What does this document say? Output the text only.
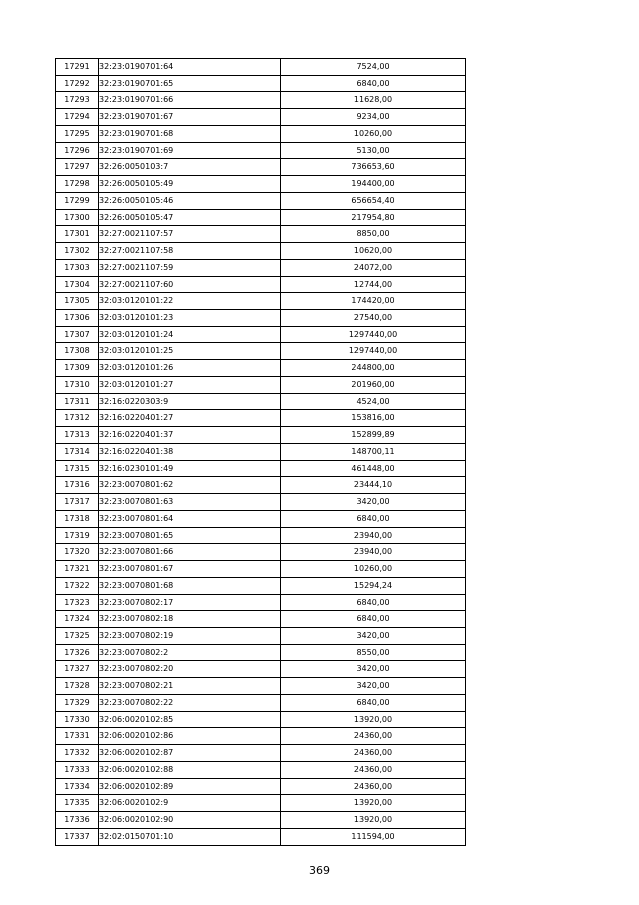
17291	32:23:0190701:64	7524,00
17292	32:23:0190701:65	6840,00
17293	32:23:0190701:66	11628,00
17294	32:23:0190701:67	9234,00
17295	32:23:0190701:68	10260,00
17296	32:23:0190701:69	5130,00
17297	32:26:0050103:7	736653,60
17298	32:26:0050105:49	194400,00
17299	32:26:0050105:46	656654,40
17300	32:26:0050105:47	217954,80
17301	32:27:0021107:57	8850,00
17302	32:27:0021107:58	10620,00
17303	32:27:0021107:59	24072,00
17304	32:27:0021107:60	12744,00
17305	32:03:0120101:22	174420,00
17306	32:03:0120101:23	27540,00
17307	32:03:0120101:24	1297440,00
17308	32:03:0120101:25	1297440,00
17309	32:03:0120101:26	244800,00
17310	32:03:0120101:27	201960,00
17311	32:16:0220303:9	4524,00
17312	32:16:0220401:27	153816,00
17313	32:16:0220401:37	152899,89
17314	32:16:0220401:38	148700,11
17315	32:16:0230101:49	461448,00
17316	32:23:0070801:62	23444,10
17317	32:23:0070801:63	3420,00
17318	32:23:0070801:64	6840,00
17319	32:23:0070801:65	23940,00
17320	32:23:0070801:66	23940,00
17321	32:23:0070801:67	10260,00
17322	32:23:0070801:68	15294,24
17323	32:23:0070802:17	6840,00
17324	32:23:0070802:18	6840,00
17325	32:23:0070802:19	3420,00
17326	32:23:0070802:2	8550,00
17327	32:23:0070802:20	3420,00
17328	32:23:0070802:21	3420,00
17329	32:23:0070802:22	6840,00
17330	32:06:0020102:85	13920,00
17331	32:06:0020102:86	24360,00
17332	32:06:0020102:87	24360,00
17333	32:06:0020102:88	24360,00
17334	32:06:0020102:89	24360,00
17335	32:06:0020102:9	13920,00
17336	32:06:0020102:90	13920,00
17337	32:02:0150701:10	111594,00
369
